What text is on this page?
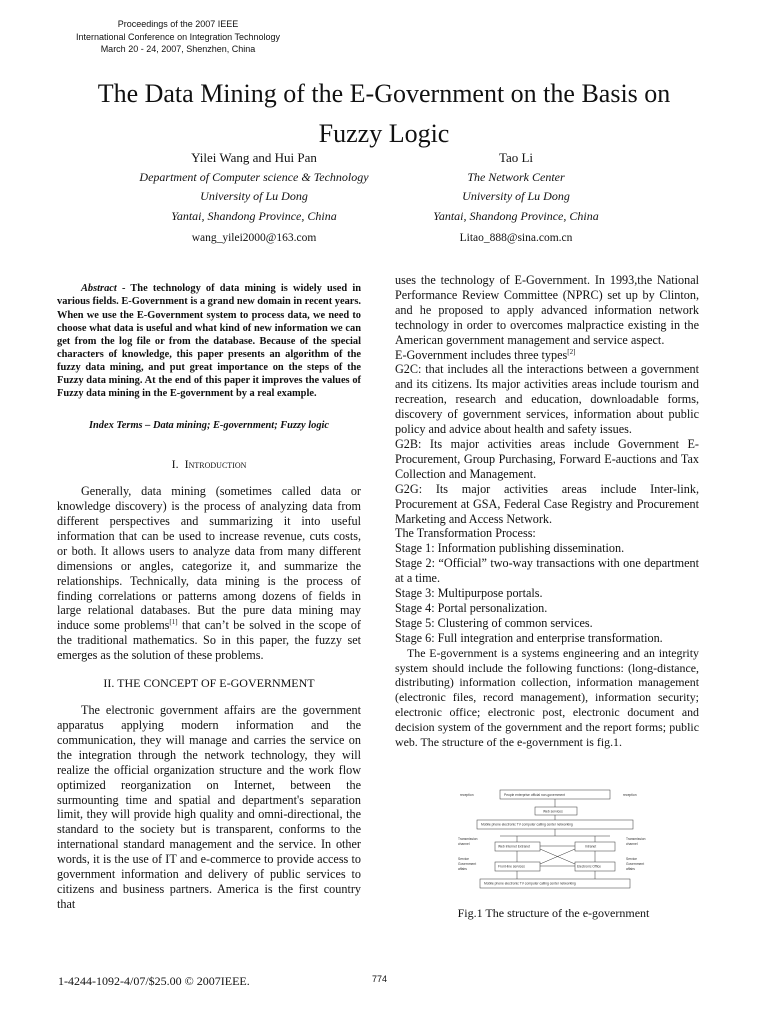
Proceedings of the 2007 IEEE
International Conference on Integration Technology
March 20 - 24, 2007, Shenzhen, China
The Data Mining of the E-Government on the Basis on
Fuzzy Logic
Yilei Wang and Hui Pan
Department of Computer science & Technology
University of Lu Dong
Yantai, Shandong Province, China
wang_yilei2000@163.com
Tao Li
The Network Center
University of Lu Dong
Yantai, Shandong Province, China
Litao_888@sina.com.cn

Abstract - The technology of data mining is widely used in various fields. E-Government is a grand new domain in recent years. When we use the E-Government system to process data, we need to choose what data is useful and what kind of new information we can get from the log file or from the database. Because of the special characters of knowledge, this paper presents an algorithm of the fuzzy data mining, and put great importance on the steps of the Fuzzy data mining. At the end of this paper it improves the values of Fuzzy data mining in the E-government by a real example.

Index Terms – Data mining; E-government; Fuzzy logic
I. Introduction
Generally, data mining (sometimes called data or knowledge discovery) is the process of analyzing data from different perspectives and summarizing it into useful information that can be used to increase revenue, cuts costs, or both. It allows users to analyze data from many different dimensions or angles, categorize it, and summarize the relationships. Technically, data mining is the process of finding correlations or patterns among dozens of fields in large relational databases. But the pure data mining may induce some problems[1] that can’t be solved in the scope of the traditional mathematics. So in this paper, the fuzzy set emerges as the solution of these problems.
II. THE CONCEPT OF E-GOVERNMENT
The electronic government affairs are the government apparatus applying modern information and the communication, they will manage and carries the service on the integration through the network technology, they will realize the official organization structure and the work flow optimized reorganization on Internet, between the surmounting time and spatial and department's separation limit, they will provide high quality and omni-directional, the standard to the society but is transparent, conforms to the international standard management and the service. In other words, it is the use of IT and e-commerce to provide access to government information and delivery of public services to citizens and business partners. America is the first country that

uses the technology of E-Government. In 1993,the National Performance Review Committee (NPRC) set up by Clinton, and he proposed to apply advanced information network technology in order to overcomes malpractice existing in the American government management and service aspect.

E-Government includes three types[2]

G2C: that includes all the interactions between a government and its citizens. Its major activities areas include tourism and recreation, research and education, downloadable forms, discovery of government services, information about public policy and advice about health and safety issues.

G2B: Its major activities areas include Government E-Procurement, Group Purchasing, Forward E-auctions and Tax Collection and Management.

G2G: Its major activities areas include Inter-link, Procurement at GSA, Federal Case Registry and Procurement Marketing and Access Network.

The Transformation Process:

Stage 1: Information publishing dissemination.

Stage 2: “Official” two-way transactions with one department at a time.

Stage 3: Multipurpose portals.

Stage 4: Portal personalization.

Stage 5: Clustering of common services.

Stage 6: Full integration and enterprise transformation.

The E-government is a systems engineering and an integrity system should include the following functions: (long-distance, distributing) information collection, information management (electronic files, record management), information security; electronic office; electronic post, electronic document and decision system of the government and the report forms; public web. The structure of the e-government is fig.1.

reception	reception
People enterprise official non-government
Web services
Mobile phone electronic TV computer calling center networking
Transmission
channel
Service
Government
affairs
Transmission
channel
Service
Government
affairs
Web Internet Extranet	Intranet
Front-line services	Electronic Office
Mobile phone electronic TV computer calling center networking
Fig.1 The structure of the e-government
1-4244-1092-4/07/$25.00 © 2007IEEE.	774
